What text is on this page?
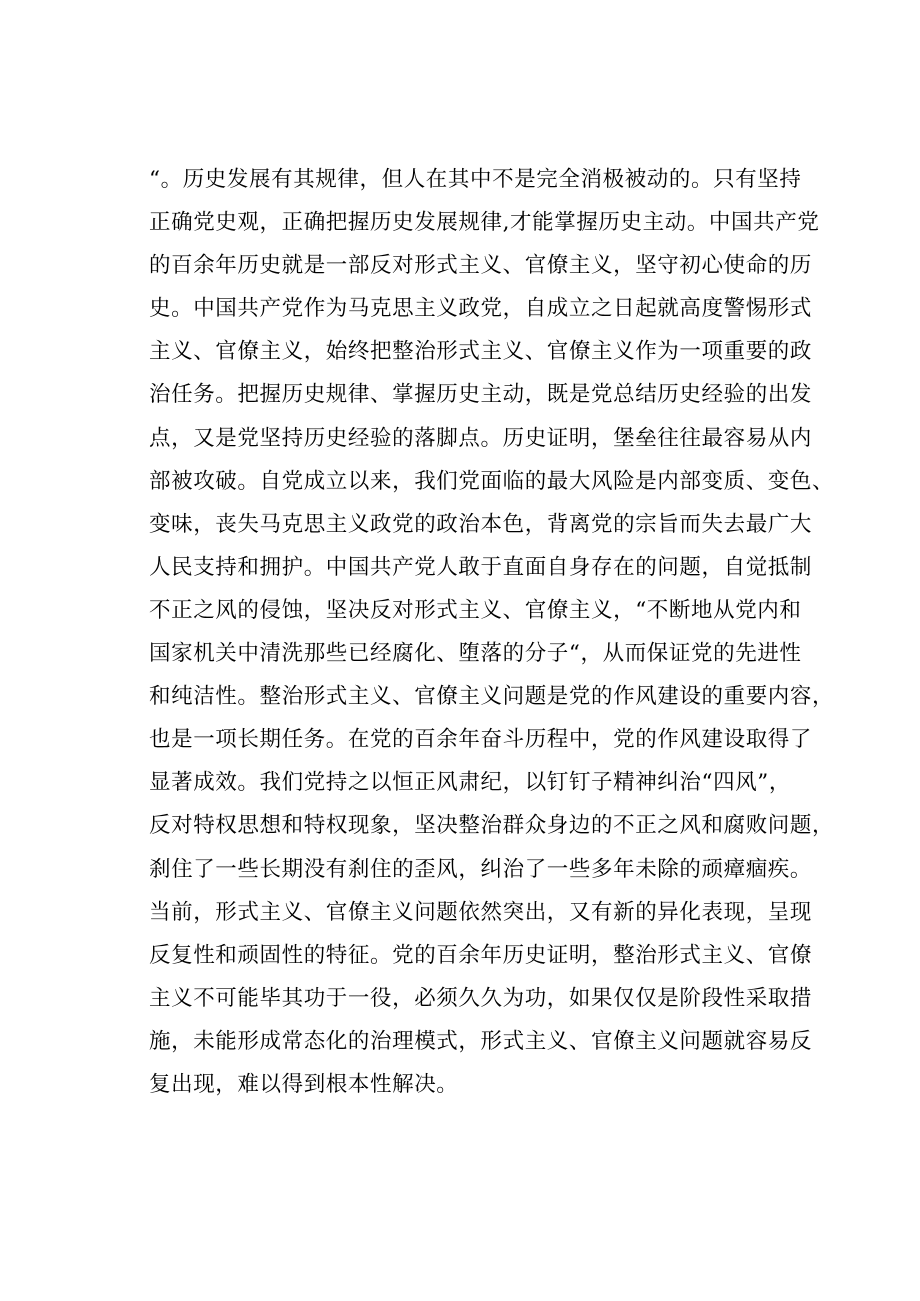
“。历史发展有其规律，但人在其中不是完全消极被动的。只有坚持
正确党史观，正确把握历史发展规律,才能掌握历史主动。中国共产党
的百余年历史就是一部反对形式主义、官僚主义，坚守初心使命的历
史。中国共产党作为马克思主义政党，自成立之日起就高度警惕形式
主义、官僚主义，始终把整治形式主义、官僚主义作为一项重要的政
治任务。把握历史规律、掌握历史主动，既是党总结历史经验的出发
点，又是党坚持历史经验的落脚点。历史证明，堡垒往往最容易从内
部被攻破。自党成立以来，我们党面临的最大风险是内部变质、变色、
变味，丧失马克思主义政党的政治本色，背离党的宗旨而失去最广大
人民支持和拥护。中国共产党人敢于直面自身存在的问题，自觉抵制
不正之风的侵蚀，坚决反对形式主义、官僚主义，“不断地从党内和
国家机关中清洗那些已经腐化、堕落的分子“，从而保证党的先进性
和纯洁性。整治形式主义、官僚主义问题是党的作风建设的重要内容，
也是一项长期任务。在党的百余年奋斗历程中，党的作风建设取得了
显著成效。我们党持之以恒正风肃纪，以钉钉子精神纠治“四风”，
反对特权思想和特权现象，坚决整治群众身边的不正之风和腐败问题，
刹住了一些长期没有刹住的歪风，纠治了一些多年未除的顽瘴痼疾。
当前，形式主义、官僚主义问题依然突出，又有新的异化表现，呈现
反复性和顽固性的特征。党的百余年历史证明，整治形式主义、官僚
主义不可能毕其功于一役，必须久久为功，如果仅仅是阶段性采取措
施，未能形成常态化的治理模式，形式主义、官僚主义问题就容易反
复出现，难以得到根本性解决。
